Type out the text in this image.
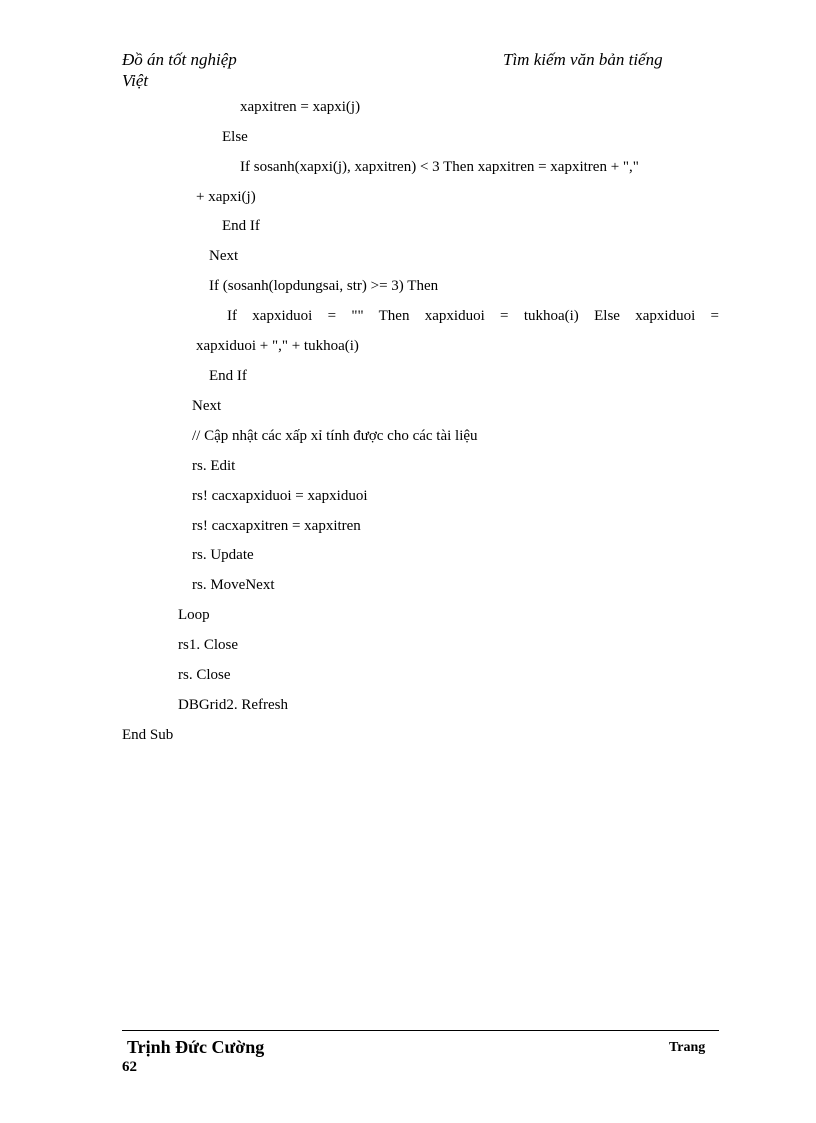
Đồ án tốt nghiệp	Tìm kiếm văn bản tiếng
Việt
xapxitren = xapxi(j)
Else
If sosanh(xapxi(j), xapxitren) < 3 Then xapxitren = xapxitren + ","
+ xapxi(j)
End If
Next
If (sosanh(lopdungsai, str) >= 3) Then
If xapxiduoi = "" Then xapxiduoi = tukhoa(i) Else xapxiduoi =
xapxiduoi + "," + tukhoa(i)
End If
Next
// Cập nhật các xấp xỉ tính được cho các tài liệu
rs. Edit
rs! cacxapxiduoi = xapxiduoi
rs! cacxapxitren = xapxitren
rs. Update
rs. MoveNext
Loop
rs1. Close
rs. Close
DBGrid2. Refresh
End Sub
Trịnh Đức Cường	Trang
62
